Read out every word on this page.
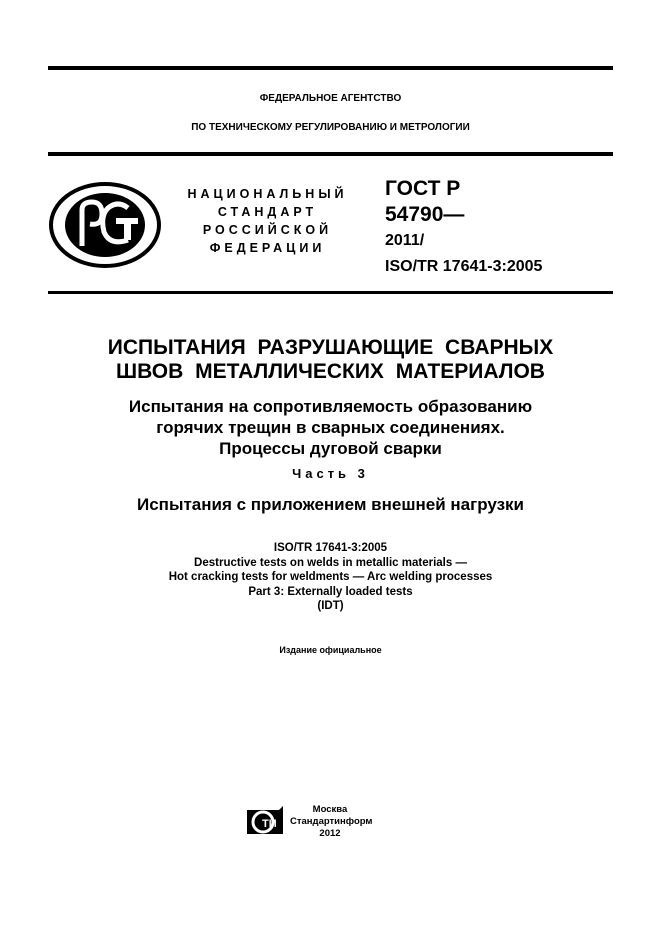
ФЕДЕРАЛЬНОЕ АГЕНТСТВО
ПО ТЕХНИЧЕСКОМУ РЕГУЛИРОВАНИЮ И МЕТРОЛОГИИ
НАЦИОНАЛЬНЫЙ
СТАНДАРТ
РОССИЙСКОЙ
ФЕДЕРАЦИИ
ГОСТ Р
54790—
2011/
ISO/TR 17641-3:2005
ИСПЫТАНИЯ РАЗРУШАЮЩИЕ СВАРНЫХ
ШВОВ МЕТАЛЛИЧЕСКИХ МАТЕРИАЛОВ
Испытания на сопротивляемость образованию
горячих трещин в сварных соединениях.
Процессы дуговой сварки
Часть 3
Испытания с приложением внешней нагрузки
ISO/TR 17641-3:2005
Destructive tests on welds in metallic materials —
Hot cracking tests for weldments — Arc welding processes
Part 3: Externally loaded tests
(IDT)
Издание официальное
ТИ
Москва
Стандартинформ
2012
